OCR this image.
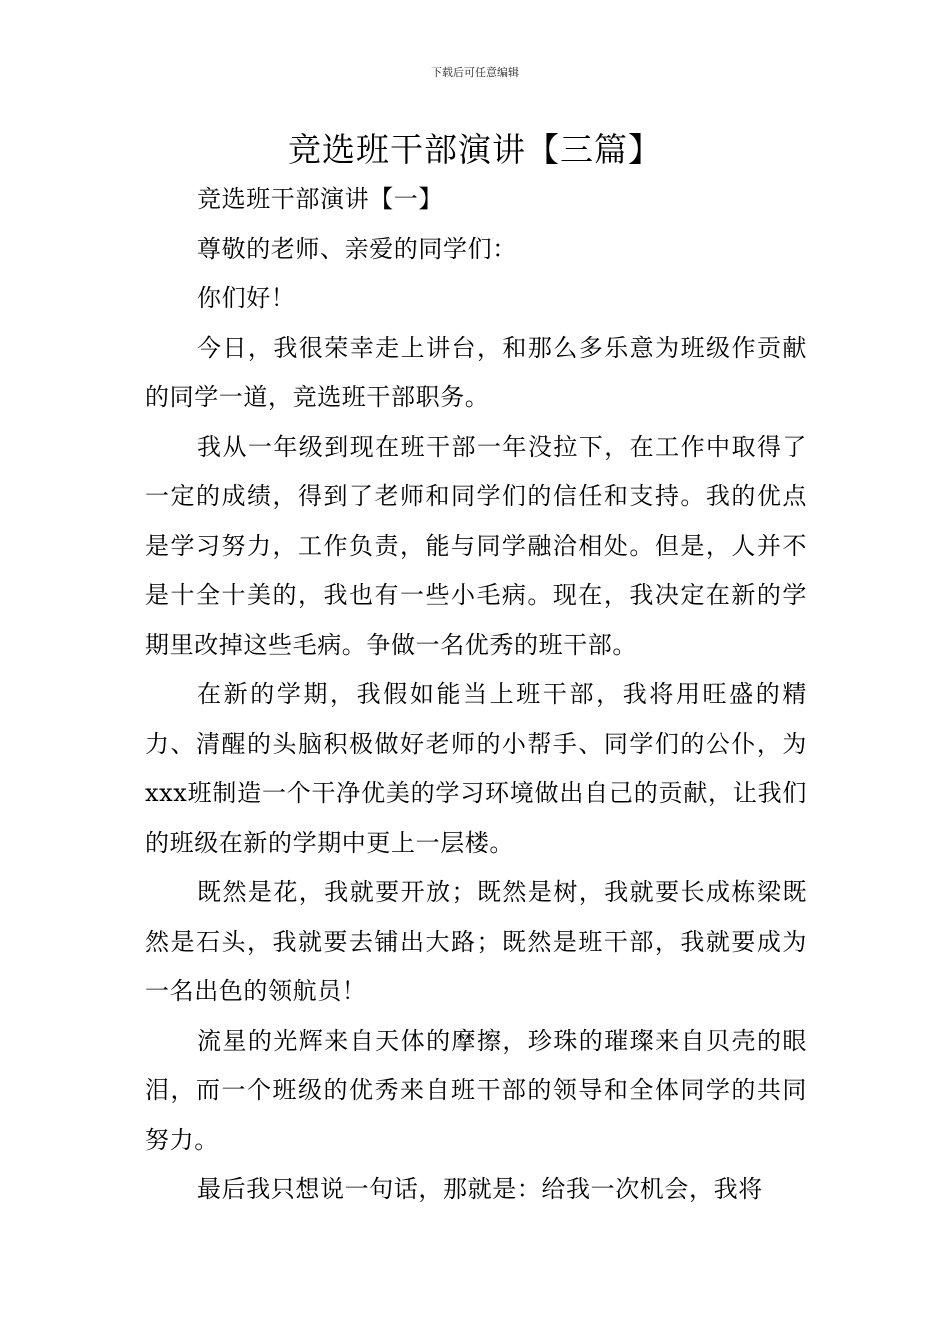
下载后可任意编辑
竞选班干部演讲【三篇】

竞选班干部演讲【一】

尊敬的老师、亲爱的同学们：

你们好！

今日，我很荣幸走上讲台，和那么多乐意为班级作贡献的同学一道，竞选班干部职务。

我从一年级到现在班干部一年没拉下，在工作中取得了一定的成绩，得到了老师和同学们的信任和支持。我的优点是学习努力，工作负责，能与同学融洽相处。但是，人并不是十全十美的，我也有一些小毛病。现在，我决定在新的学期里改掉这些毛病。争做一名优秀的班干部。

在新的学期，我假如能当上班干部，我将用旺盛的精力、清醒的头脑积极做好老师的小帮手、同学们的公仆，为xxx班制造一个干净优美的学习环境做出自己的贡献，让我们的班级在新的学期中更上一层楼。

既然是花，我就要开放；既然是树，我就要长成栋梁既然是石头，我就要去铺出大路；既然是班干部，我就要成为一名出色的领航员！

流星的光辉来自天体的摩擦，珍珠的璀璨来自贝壳的眼泪，而一个班级的优秀来自班干部的领导和全体同学的共同努力。

最后我只想说一句话，那就是：给我一次机会，我将
